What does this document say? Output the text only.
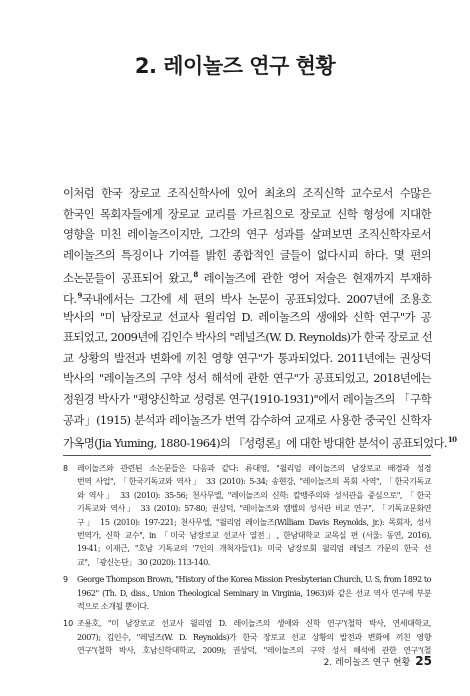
2. 레이놀즈 연구 현황
이처럼 한국 장로교 조직신학사에 있어 최초의 조직신학 교수로서 수많은
한국인 목회자들에게 장로교 교리를 가르침으로 장로교 신학 형성에 지대한
영향을 미친 레이놀즈이지만, 그간의 연구 성과를 살펴보면 조직신학자로서
레이놀즈의 특징이나 기여를 밝힌 종합적인 글들이 없다시피 하다. 몇 편의
소논문들이 공표되어 왔고,$^8$ 레이놀즈에 관한 영어 저술은 현재까지 부재하
다.$^9$국내에서는 그간에 세 편의 박사 논문이 공표되었다. 2007년에 조용호
박사의 "미 남장로교 선교사 윌리엄 D. 레이놀즈의 생애와 신학 연구"가 공
표되었고, 2009년에 김인수 박사의 "레널즈(W. D. Reynolds)가 한국 장로교 선
교 상황의 발전과 변화에 끼친 영향 연구"가 통과되었다. 2011년에는 권상덕
박사의 "레이놀즈의 구약 성서 해석에 관한 연구"가 공표되었고, 2018년에는
정원경 박사가 "평양신학교 성령론 연구(1910-1931)"에서 레이놀즈의 「구학
공과」(1915) 분석과 레이놀즈가 번역 감수하여 교재로 사용한 중국인 신학자
가옥명(Jia Yuming, 1880-1964)의 『성령론』에 대한 방대한 분석이 공표되었다.$^{10}$
8 레이놀즈와 관련된 소논문들은 다음과 같다: 류대영, "윌리엄 레이놀즈의 남장로교 배경과 성경
번역 사업", 「한국기독교와 역사」 33 (2010): 5-34; 송현강, "레이놀즈의 목회 사역", 「한국기독교
와 역사」 33 (2010): 35-56; 천사무엘, "레이놀즈의 신학: 칼뱅주의와 성서관을 중심으로", 「한국
기독교와 역사」 33 (2010): 57-80; 권상덕, "레이놀즈와 캠벨의 성서관 비교 연구", 「기독교문화연
구」 15 (2010): 197-221; 천사무엘, "윌리엄 레이놀즈(William Davis Reynolds, jr.): 목회자, 성서
번역가, 신학 교수", in 「미국 남장로교 선교사 열전」, 한남대학교 교목실 편 (서울: 동연, 2016),
19-41; 이재근, "호남 기독교의 '7인의 개척자들'(1): 미국 남장로회 윌리엄 레널즈 가문의 한국 선
교", 「광신논단」 30 (2020): 113-140.
9 George Thompson Brown, "History of the Korea Mission Presbyterian Church, U. S, from 1892 to
1962" (Th. D, diss., Union Theological Seminary in Virginia, 1963)와 같은 선교 역사 연구에 부분
적으로 소개될 뿐이다.
10 조용호, "미 남장로교 선교사 윌리엄 D. 레이놀즈의 생애와 신학 연구"(철학 박사, 연세대학교,
2007); 김인수, "레널즈(W. D. Reynolds)가 한국 장로교 선교 상황의 발전과 변화에 끼친 영향
연구"(철학 박사, 호남신학대학교, 2009); 권상덕, "레이놀즈의 구약 성서 해석에 관한 연구"(철
2. 레이놀즈 연구 현황 25
